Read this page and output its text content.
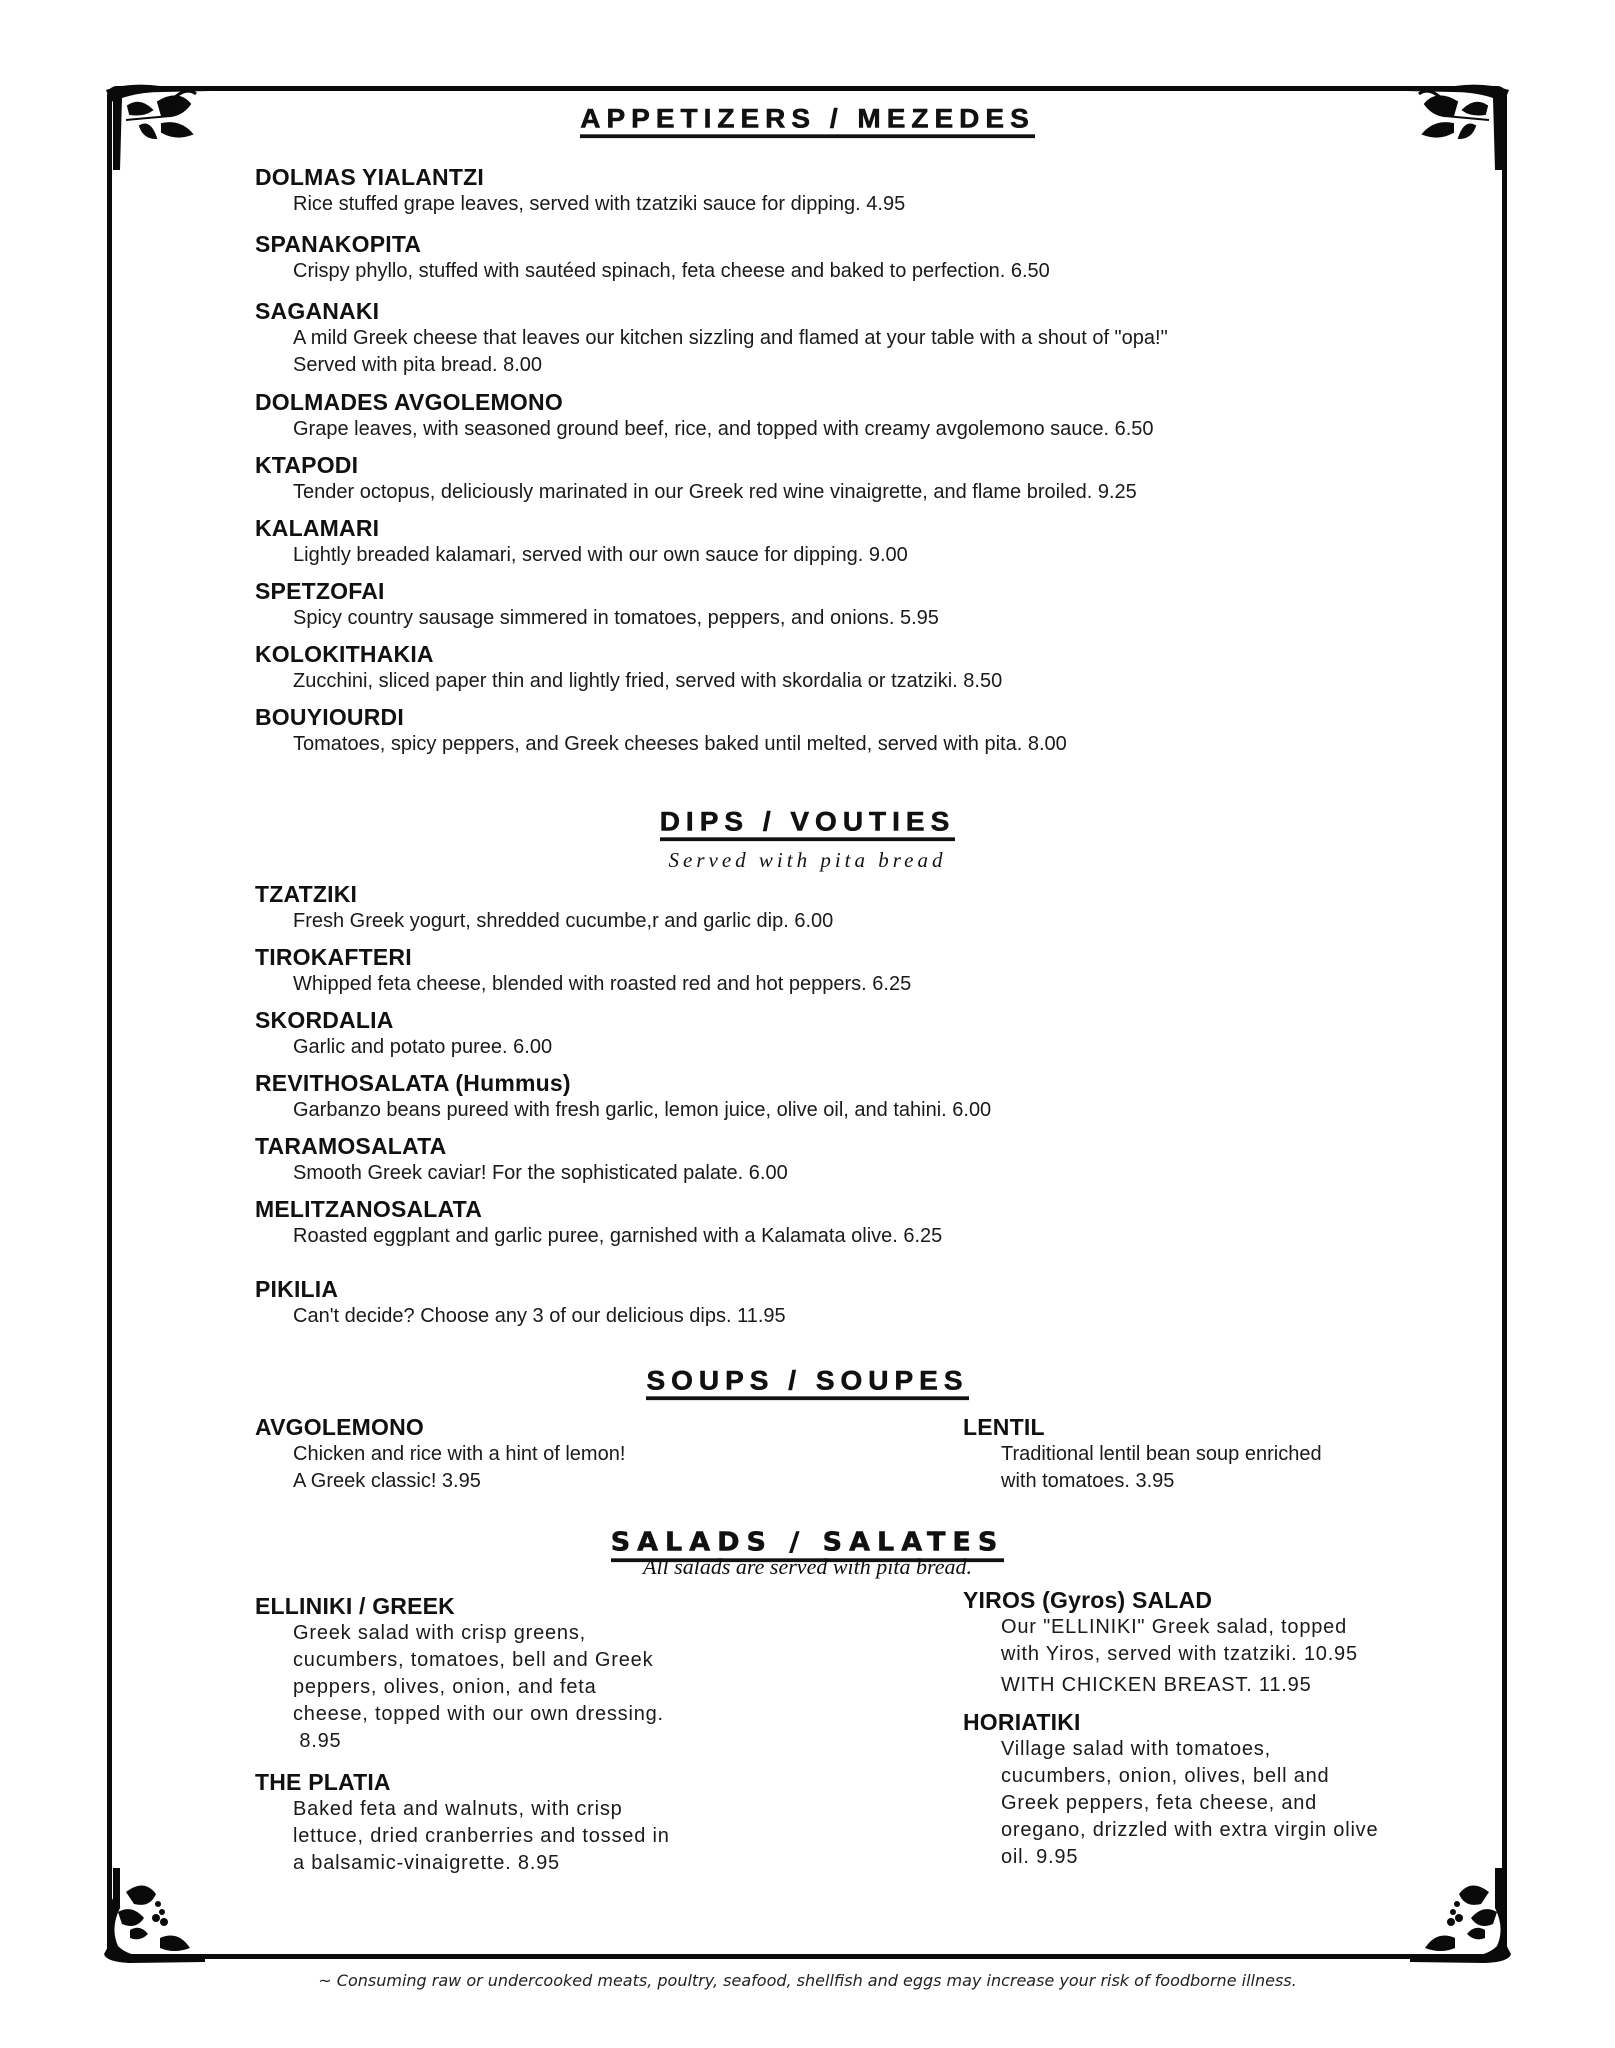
APPETIZERS / MEZEDES
DOLMAS YIALANTZI
Rice stuffed grape leaves, served with tzatziki sauce for dipping. 4.95
SPANAKOPITA
Crispy phyllo, stuffed with sautéed spinach, feta cheese and baked to perfection. 6.50
SAGANAKI
A mild Greek cheese that leaves our kitchen sizzling and flamed at your table with a shout of "opa!"
Served with pita bread. 8.00
DOLMADES AVGOLEMONO
Grape leaves, with seasoned ground beef, rice, and topped with creamy avgolemono sauce. 6.50
KTAPODI
Tender octopus, deliciously marinated in our Greek red wine vinaigrette, and flame broiled. 9.25
KALAMARI
Lightly breaded kalamari, served with our own sauce for dipping. 9.00
SPETZOFAI
Spicy country sausage simmered in tomatoes, peppers, and onions. 5.95
KOLOKITHAKIA
Zucchini, sliced paper thin and lightly fried, served with skordalia or tzatziki. 8.50
BOUYIOURDI
Tomatoes, spicy peppers, and Greek cheeses baked until melted, served with pita. 8.00
DIPS / VOUTIES
Served with pita bread
TZATZIKI
Fresh Greek yogurt, shredded cucumbe,r and garlic dip. 6.00
TIROKAFTERI
Whipped feta cheese, blended with roasted red and hot peppers. 6.25
SKORDALIA
Garlic and potato puree. 6.00
REVITHOSALATA (Hummus)
Garbanzo beans pureed with fresh garlic, lemon juice, olive oil, and tahini. 6.00
TARAMOSALATA
Smooth Greek caviar! For the sophisticated palate. 6.00
MELITZANOSALATA
Roasted eggplant and garlic puree, garnished with a Kalamata olive. 6.25
PIKILIA
Can't decide? Choose any 3 of our delicious dips. 11.95
SOUPS / SOUPES
AVGOLEMONO
Chicken and rice with a hint of lemon!
A Greek classic! 3.95
LENTIL
Traditional lentil bean soup enriched
with tomatoes. 3.95
SALADS / SALATES
All salads are served with pita bread.
ELLINIKI / GREEK
Greek salad with crisp greens,
cucumbers, tomatoes, bell and Greek
peppers, olives, onion, and feta
cheese, topped with our own dressing.
8.95
THE PLATIA
Baked feta and walnuts, with crisp
lettuce, dried cranberries and tossed in
a balsamic-vinaigrette. 8.95
YIROS (Gyros) SALAD
Our "ELLINIKI" Greek salad, topped
with Yiros, served with tzatziki. 10.95
WITH CHICKEN BREAST. 11.95
HORIATIKI
Village salad with tomatoes,
cucumbers, onion, olives, bell and
Greek peppers, feta cheese, and
oregano, drizzled with extra virgin olive
oil. 9.95
~ Consuming raw or undercooked meats, poultry, seafood, shellfish and eggs may increase your risk of foodborne illness.
